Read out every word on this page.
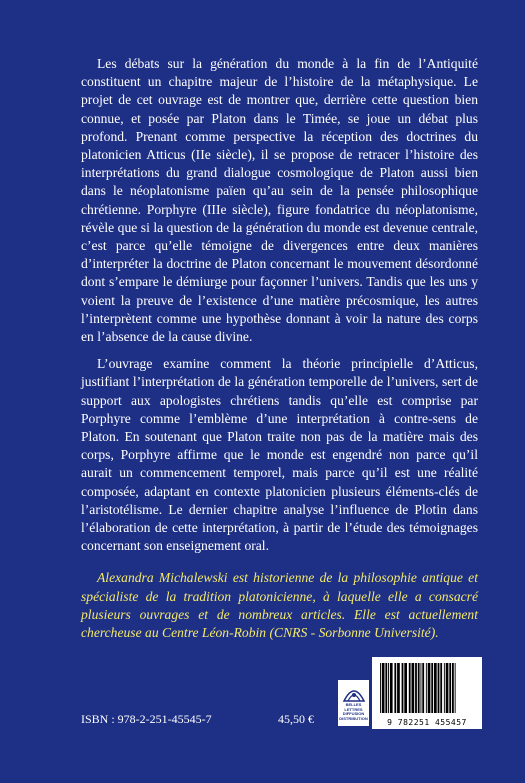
Les débats sur la génération du monde à la fin de l’Antiquité constituent un chapitre majeur de l’histoire de la métaphysique. Le projet de cet ouvrage est de montrer que, derrière cette question bien connue, et posée par Platon dans le Timée, se joue un débat plus profond. Prenant comme perspective la réception des doctrines du platonicien Atticus (IIe siècle), il se propose de retracer l’histoire des interprétations du grand dialogue cosmologique de Platon aussi bien dans le néoplatonisme païen qu’au sein de la pensée philosophique chrétienne. Porphyre (IIIe siècle), figure fondatrice du néoplatonisme, révèle que si la question de la génération du monde est devenue centrale, c’est parce qu’elle témoigne de divergences entre deux manières d’interpréter la doctrine de Platon concernant le mouvement désordonné dont s’empare le démiurge pour façonner l’univers. Tandis que les uns y voient la preuve de l’existence d’une matière précosmique, les autres l’interprètent comme une hypothèse donnant à voir la nature des corps en l’absence de la cause divine.

L’ouvrage examine comment la théorie principielle d’Atticus, justifiant l’interprétation de la génération temporelle de l’univers, sert de support aux apologistes chrétiens tandis qu’elle est comprise par Porphyre comme l’emblème d’une interprétation à contre-sens de Platon. En soutenant que Platon traite non pas de la matière mais des corps, Porphyre affirme que le monde est engendré non parce qu’il aurait un commencement temporel, mais parce qu’il est une réalité composée, adaptant en contexte platonicien plusieurs éléments-clés de l’aristotélisme. Le dernier chapitre analyse l’influence de Plotin dans l’élaboration de cette interprétation, à partir de l’étude des témoignages concernant son enseignement oral.

Alexandra Michalewski est historienne de la philosophie antique et spécialiste de la tradition platonicienne, à laquelle elle a consacré plusieurs ouvrages et de nombreux articles. Elle est actuellement chercheuse au Centre Léon-Robin (CNRS - Sorbonne Université).

ISBN : 978-2-251-45545-7	45,50 €
BELLES LETTRES DIFFUSION DISTRIBUTION	9 782251 455457
